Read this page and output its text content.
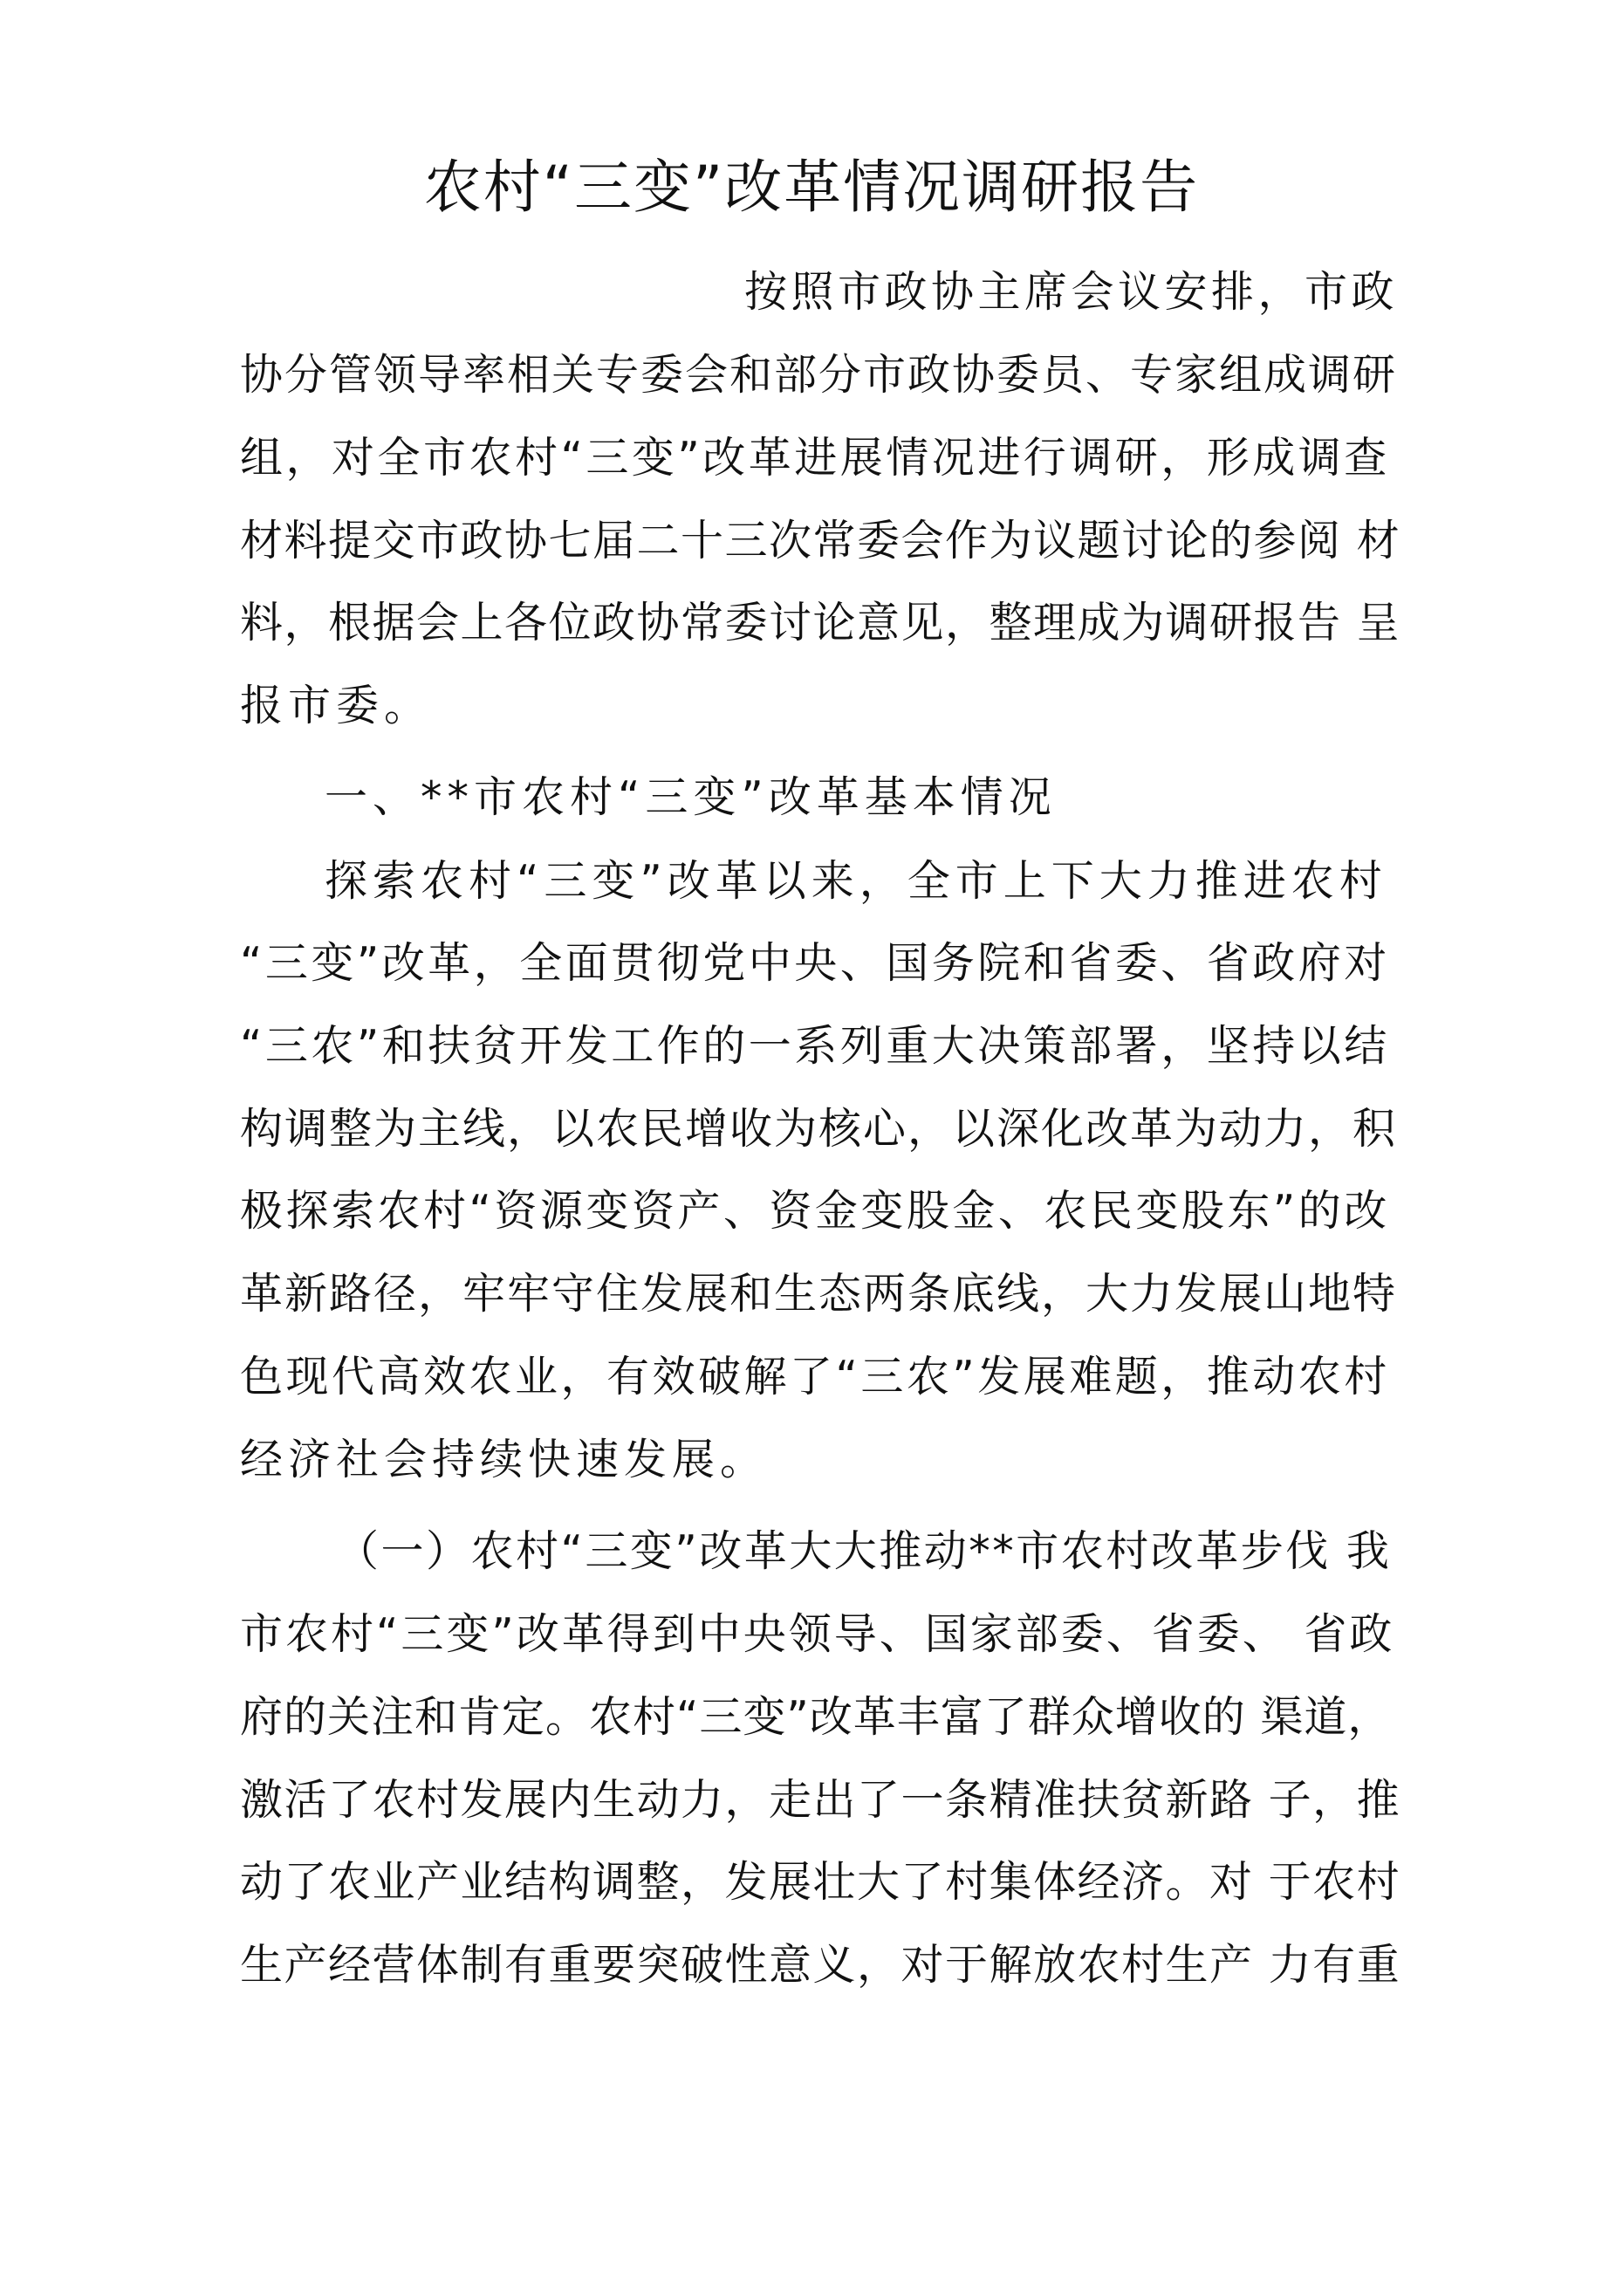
农村“三变”改革情况调研报告

按照市政协主席会议安排，市政

协分管领导率相关专委会和部分市政协委员、专家组成调研

组，对全市农村“三变”改革进展情况进行调研，形成调查

材料提交市政协七届二十三次常委会作为议题讨论的参阅 材

料，根据会上各位政协常委讨论意见，整理成为调研报告 呈

报市委。

一、**市农村“三变”改革基本情况

探索农村“三变”改革以来，全市上下大力推进农村

“三变”改革，全面贯彻党中央、国务院和省委、省政府对

“三农”和扶贫开发工作的一系列重大决策部署，坚持以结

构调整为主线，以农民增收为核心，以深化改革为动力，积

极探索农村“资源变资产、资金变股金、农民变股东”的改

革新路径，牢牢守住发展和生态两条底线，大力发展山地特

色现代高效农业，有效破解了“三农”发展难题，推动农村

经济社会持续快速发展。

（一）农村“三变”改革大大推动**市农村改革步伐 我

市农村“三变”改革得到中央领导、国家部委、省委、 省政

府的关注和肯定。农村“三变”改革丰富了群众增收的 渠道，

激活了农村发展内生动力，走出了一条精准扶贫新路 子，推

动了农业产业结构调整，发展壮大了村集体经济。对 于农村

生产经营体制有重要突破性意义，对于解放农村生产 力有重
